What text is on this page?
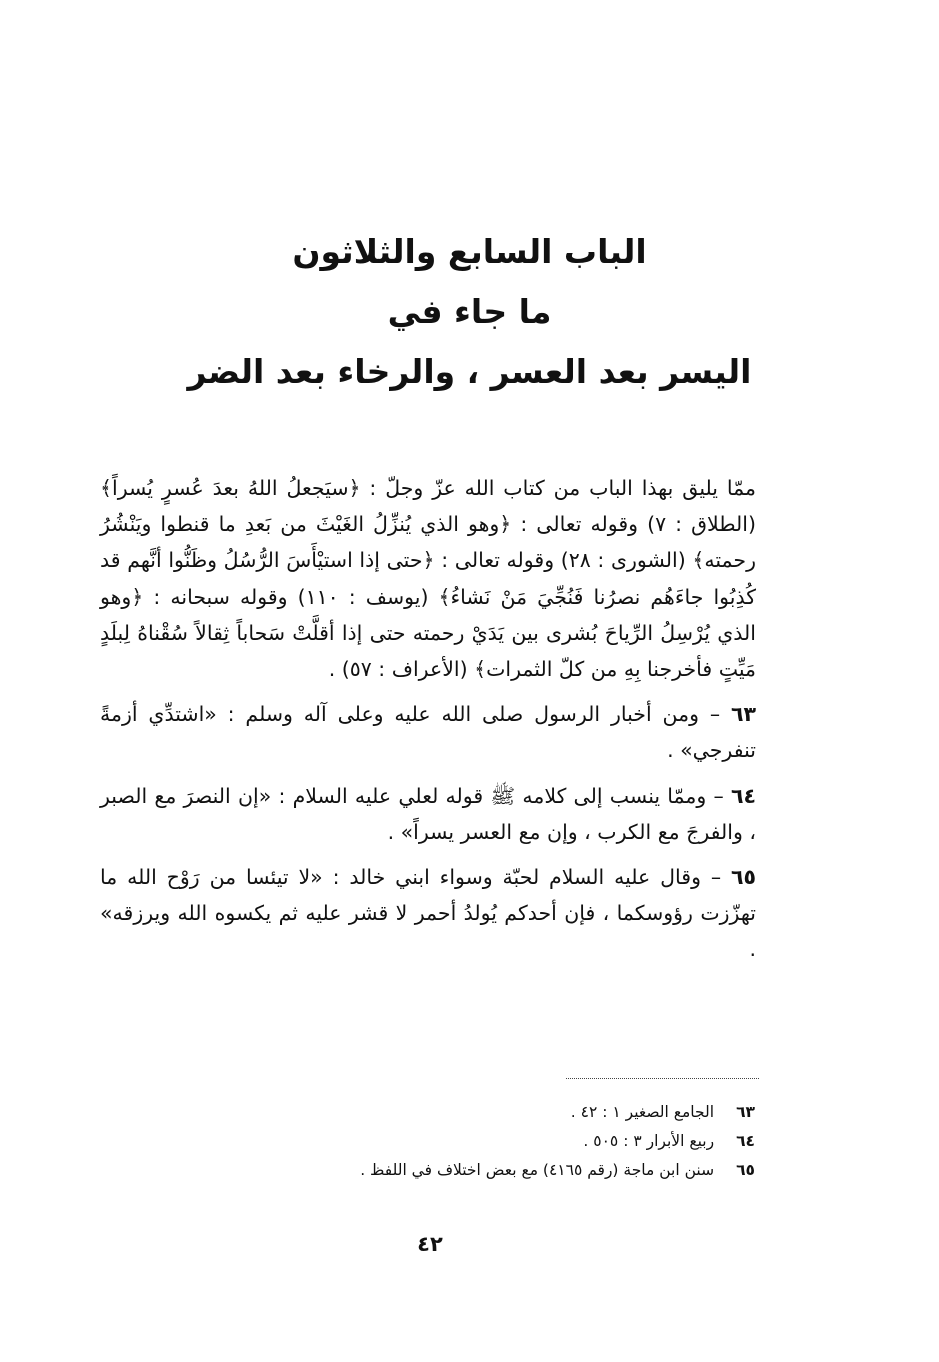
الباب السابع والثلاثون

ما جاء في

اليسر بعد العسر ، والرخاء بعد الضر

ممّا يليق بهذا الباب من كتاب الله عزّ وجلّ : ﴿سيَجعلُ اللهُ بعدَ عُسرٍ يُسراً﴾ (الطلاق : ٧) وقوله تعالى : ﴿وهو الذي يُنزِّلُ الغَيْثَ من بَعدِ ما قنطوا ويَنْشُرُ رحمته﴾ (الشورى : ٢٨) وقوله تعالى : ﴿حتى إذا استيْأَسَ الرُّسُلُ وظَنُّوا أنَّهم قد كُذِبُوا جاءَهُم نصرُنا فَنُجِّيَ مَنْ نَشاءُ﴾ (يوسف : ١١٠) وقوله سبحانه : ﴿وهو الذي يُرْسِلُ الرِّياحَ بُشرى بين يَدَيْ رحمته حتى إذا أقلَّتْ سَحاباً ثِقالاً سُقْناهُ لِبلَدٍ مَيِّتٍ فأخرجنا بِهِ من كلّ الثمرات﴾ (الأعراف : ٥٧) .

٦٣ – ومن أخبار الرسول صلى الله عليه وعلى آله وسلم : «اشتدِّي أزمةً تنفرجي» .

٦٤ – وممّا ينسب إلى كلامه ﷺ قوله لعلي عليه السلام : «إن النصرَ مع الصبر ، والفرجَ مع الكرب ، وإن مع العسر يسراً» .

٦٥ – وقال عليه السلام لحبّة وسواء ابني خالد : «لا تيئسا من رَوْح الله ما تهزّزت رؤوسكما ، فإن أحدكم يُولدُ أحمر لا قشر عليه ثم يكسوه الله ويرزقه» .

٦٣ الجامع الصغير ١ : ٤٢ .

٦٤ ربيع الأبرار ٣ : ٥٠٥ .

٦٥ سنن ابن ماجة (رقم ٤١٦٥) مع بعض اختلاف في اللفظ .

٤٢
